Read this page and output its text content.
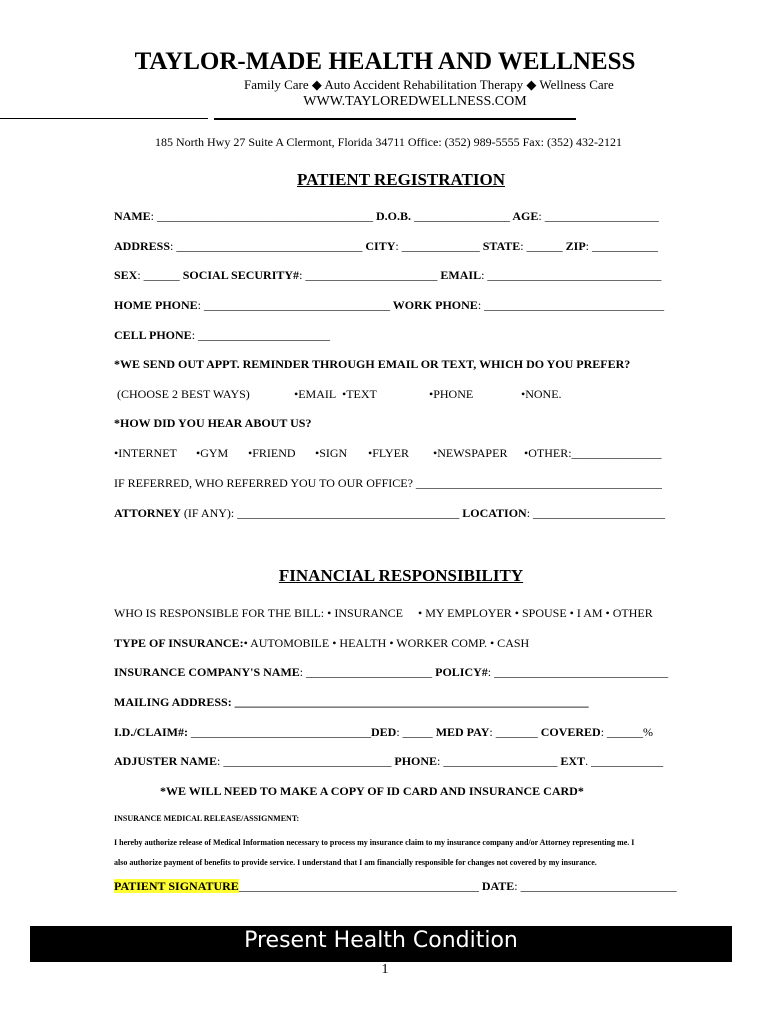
TAYLOR-MADE HEALTH AND WELLNESS
Family Care ◆ Auto Accident Rehabilitation Therapy ◆ Wellness Care
WWW.TAYLOREDWELLNESS.COM
185 North Hwy 27 Suite A Clermont, Florida 34711 Office: (352) 989-5555 Fax: (352) 432-2121
PATIENT REGISTRATION
NAME: ____________________________________ D.O.B. ________________ AGE: ___________________
ADDRESS: _______________________________ CITY: _____________ STATE: ______ ZIP: ___________
SEX: ______ SOCIAL SECURITY#: ______________________ EMAIL: _____________________________
HOME PHONE: _______________________________ WORK PHONE: ______________________________
CELL PHONE: ______________________
*WE SEND OUT APPT. REMINDER THROUGH EMAIL OR TEXT, WHICH DO YOU PREFER?
(CHOOSE 2 BEST WAYS)	•EMAIL •TEXT	•PHONE	•NONE.
*HOW DID YOU HEAR ABOUT US?
•INTERNET •GYM •FRIEND •SIGN •FLYER •NEWSPAPER •OTHER:_______________
IF REFERRED, WHO REFERRED YOU TO OUR OFFICE? _________________________________________
ATTORNEY (IF ANY): _____________________________________ LOCATION: ______________________
FINANCIAL RESPONSIBILITY
WHO IS RESPONSIBLE FOR THE BILL: • INSURANCE • MY EMPLOYER • SPOUSE • I AM • OTHER
TYPE OF INSURANCE:• AUTOMOBILE • HEALTH • WORKER COMP. • CASH
INSURANCE COMPANY'S NAME: _____________________ POLICY#: _____________________________
MAILING ADDRESS: ___________________________________________________________
I.D./CLAIM#: ______________________________DED: _____ MED PAY: _______ COVERED: ______%
ADJUSTER NAME: ____________________________ PHONE: ___________________ EXT. ____________
*WE WILL NEED TO MAKE A COPY OF ID CARD AND INSURANCE CARD*
INSURANCE MEDICAL RELEASE/ASSIGNMENT:
I hereby authorize release of Medical Information necessary to process my insurance claim to my insurance company and/or Attorney representing me. I
also authorize payment of benefits to provide service. I understand that I am financially responsible for changes not covered by my insurance.
PATIENT SIGNATURE________________________________________ DATE: __________________________
Present Health Condition
1
